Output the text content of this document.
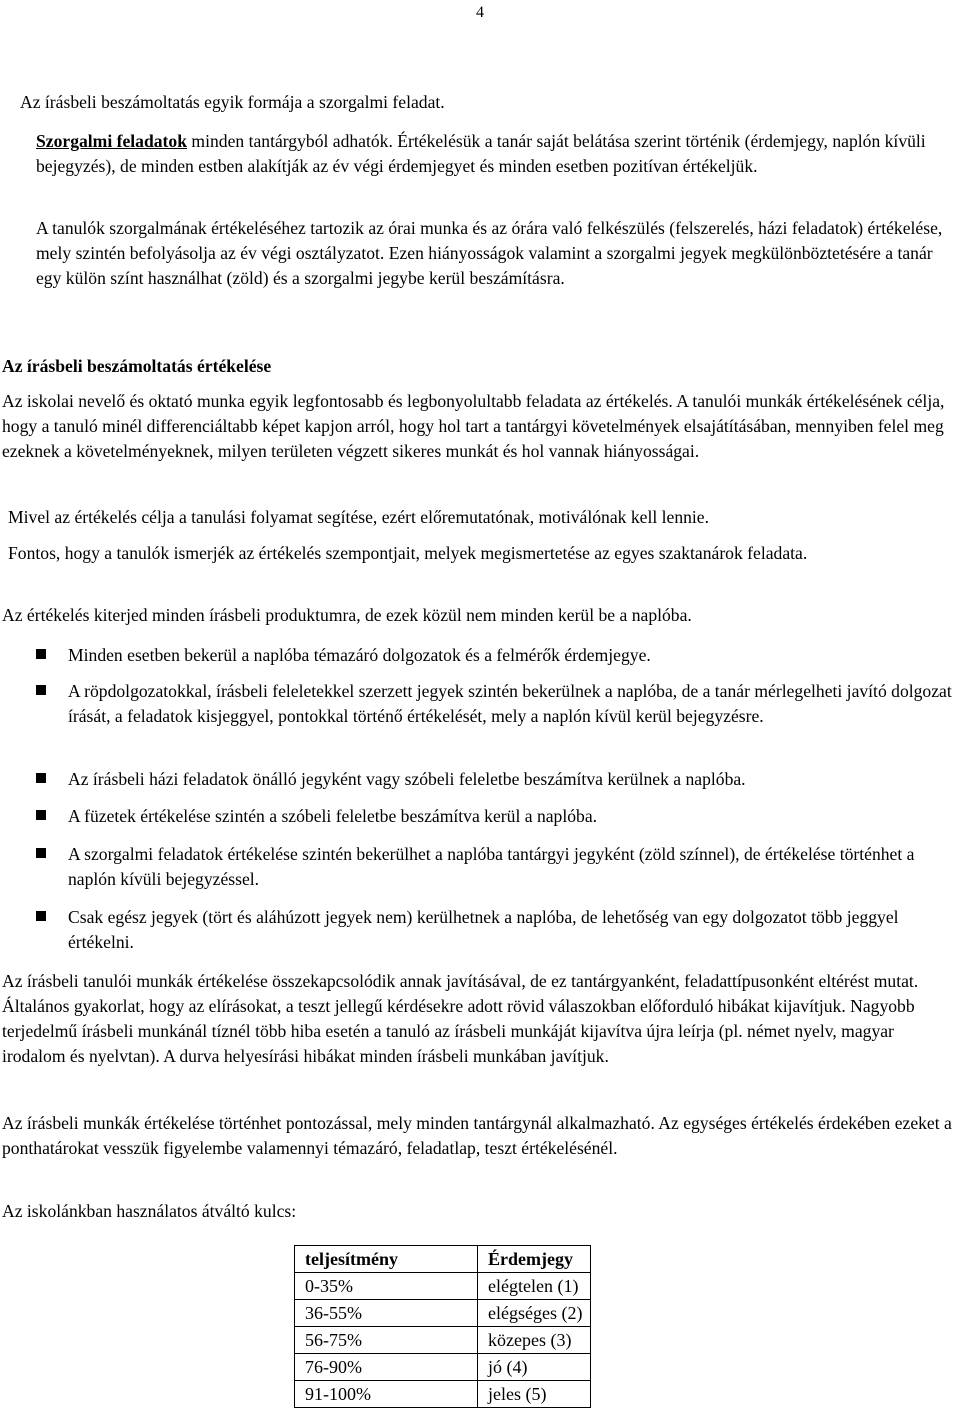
4

Az írásbeli beszámoltatás egyik formája a szorgalmi feladat.

Szorgalmi feladatok minden tantárgyból adhatók. Értékelésük a tanár saját belátása szerint történik (érdemjegy, naplón kívüli bejegyzés), de minden estben alakítják az év végi érdemjegyet és minden esetben pozitívan értékeljük.

A tanulók szorgalmának értékeléséhez tartozik az órai munka és az órára való felkészülés (felszerelés, házi feladatok) értékelése, mely szintén befolyásolja az év végi osztályzatot. Ezen hiányosságok valamint a szorgalmi jegyek megkülönböztetésére a tanár egy külön színt használhat (zöld) és a szorgalmi jegybe kerül beszámításra.

Az írásbeli beszámoltatás értékelése

Az iskolai nevelő és oktató munka egyik legfontosabb és legbonyolultabb feladata az értékelés. A tanulói munkák értékelésének célja, hogy a tanuló minél differenciáltabb képet kapjon arról, hogy hol tart a tantárgyi követelmények elsajátításában, mennyiben felel meg ezeknek a követelményeknek, milyen területen végzett sikeres munkát és hol vannak hiányosságai.

Mivel az értékelés célja a tanulási folyamat segítése, ezért előremutatónak, motiválónak kell lennie.

Fontos, hogy a tanulók ismerjék az értékelés szempontjait, melyek megismertetése az egyes szaktanárok feladata.

Az értékelés kiterjed minden írásbeli produktumra, de ezek közül nem minden kerül be a naplóba.

Minden esetben bekerül a naplóba témazáró dolgozatok és a felmérők érdemjegye.
A röpdolgozatokkal, írásbeli feleletekkel szerzett jegyek szintén bekerülnek a naplóba, de a tanár mérlegelheti javító dolgozat írását, a feladatok kisjeggyel, pontokkal történő értékelését, mely a naplón kívül kerül bejegyzésre.
Az írásbeli házi feladatok önálló jegyként vagy szóbeli feleletbe beszámítva kerülnek a naplóba.
A füzetek értékelése szintén a szóbeli feleletbe beszámítva kerül a naplóba.
A szorgalmi feladatok értékelése szintén bekerülhet a naplóba tantárgyi jegyként (zöld színnel), de értékelése történhet a naplón kívüli bejegyzéssel.
Csak egész jegyek (tört és aláhúzott jegyek nem) kerülhetnek a naplóba, de lehetőség van egy dolgozatot több jeggyel értékelni.

Az írásbeli tanulói munkák értékelése összekapcsolódik annak javításával, de ez tantárgyanként, feladattípusonként eltérést mutat. Általános gyakorlat, hogy az elírásokat, a teszt jellegű kérdésekre adott rövid válaszokban előforduló hibákat kijavítjuk. Nagyobb terjedelmű írásbeli munkánál tíznél több hiba esetén a tanuló az írásbeli munkáját kijavítva újra leírja (pl. német nyelv, magyar irodalom és nyelvtan). A durva helyesírási hibákat minden írásbeli munkában javítjuk.

Az írásbeli munkák értékelése történhet pontozással, mely minden tantárgynál alkalmazható. Az egységes értékelés érdekében ezeket a ponthatárokat vesszük figyelembe valamennyi témazáró, feladatlap, teszt értékelésénél.

Az iskolánkban használatos átváltó kulcs:

teljesítmény	Érdemjegy
0-35%	elégtelen (1)
36-55%	elégséges (2)
56-75%	közepes (3)
76-90%	jó (4)
91-100%	jeles (5)
